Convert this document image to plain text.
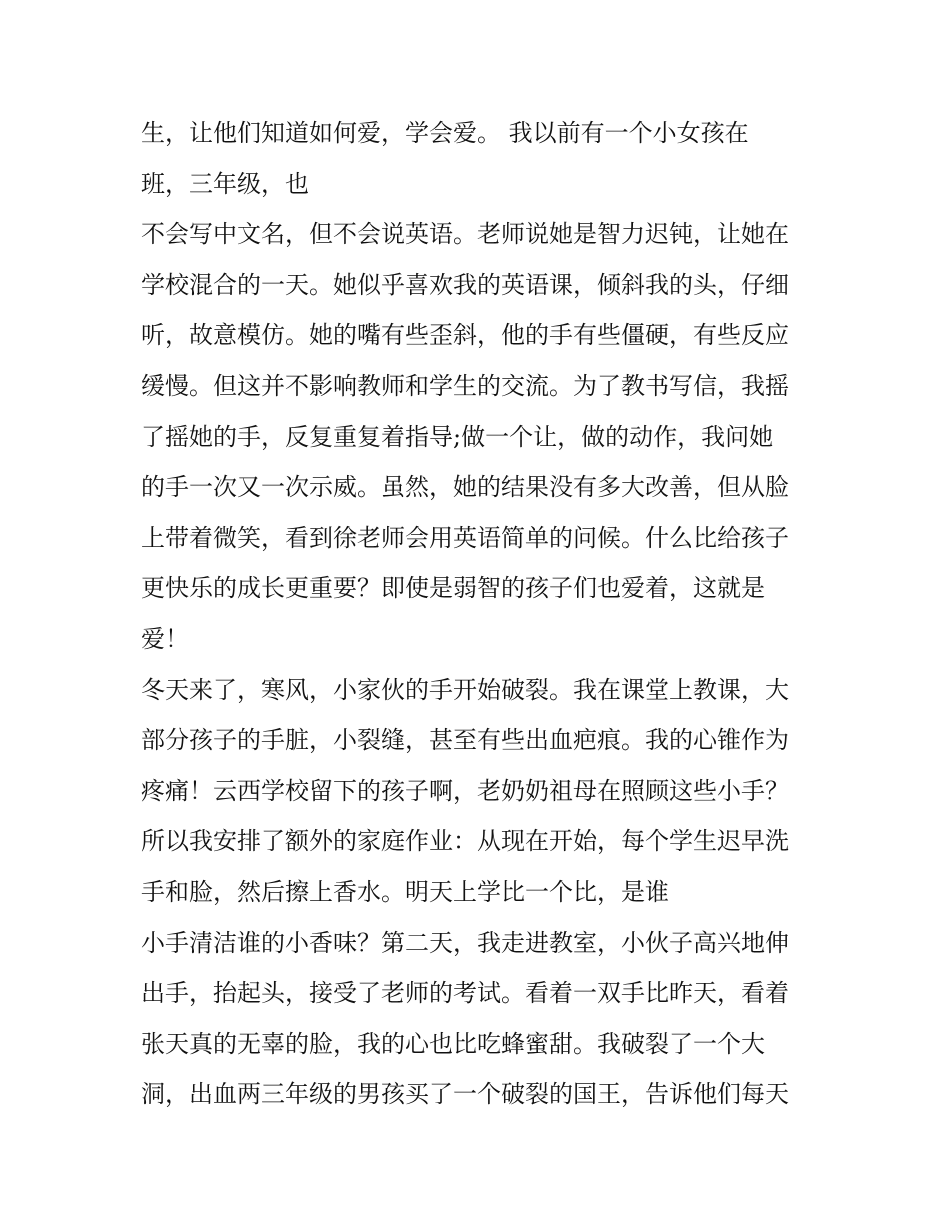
生，让他们知道如何爱，学会爱。 我以前有一个小女孩在
班，三年级，也
不会写中文名，但不会说英语。老师说她是智力迟钝，让她在
学校混合的一天。她似乎喜欢我的英语课，倾斜我的头，仔细
听，故意模仿。她的嘴有些歪斜，他的手有些僵硬，有些反应
缓慢。但这并不影响教师和学生的交流。为了教书写信，我摇
了摇她的手，反复重复着指导;做一个让，做的动作，我问她
的手一次又一次示威。虽然，她的结果没有多大改善，但从脸
上带着微笑，看到徐老师会用英语简单的问候。什么比给孩子
更快乐的成长更重要？即使是弱智的孩子们也爱着，这就是
爱！
冬天来了，寒风，小家伙的手开始破裂。我在课堂上教课，大
部分孩子的手脏，小裂缝，甚至有些出血疤痕。我的心锥作为
疼痛！云西学校留下的孩子啊，老奶奶祖母在照顾这些小手？
所以我安排了额外的家庭作业：从现在开始，每个学生迟早洗
手和脸，然后擦上香水。明天上学比一个比，是谁
小手清洁谁的小香味？第二天，我走进教室，小伙子高兴地伸
出手，抬起头，接受了老师的考试。看着一双手比昨天，看着
张天真的无辜的脸，我的心也比吃蜂蜜甜。我破裂了一个大
洞，出血两三年级的男孩买了一个破裂的国王，告诉他们每天
